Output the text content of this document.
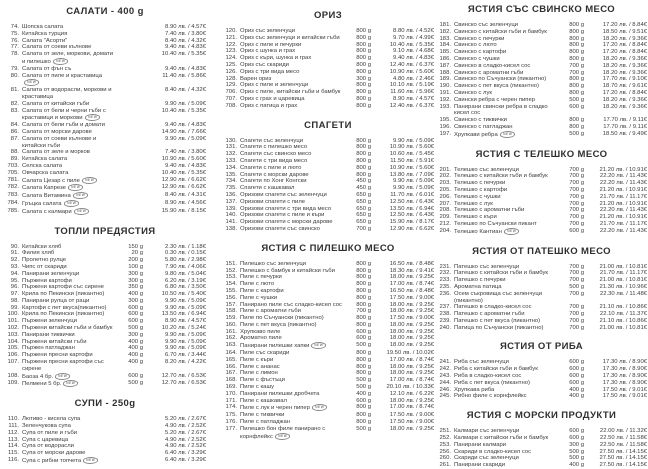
САЛАТИ - 400 g
74. Шопска салата	8.90 лв. / 4.57€
75. Китайска турция	7.40 лв. / 3.80€
76. Салата "Асорти"	8.40 лв. / 4.32€
77. Салата от соеви кълнове	9.40 лв. / 4.83€
78. Салата от зеле, моркови, домати и пилешко NEW
10.40 лв. / 5.35€
79. Салата от фън съ	9.40 лв. / 4.83€
80. Салата от пиле и краставицаNEW
11.40 лв. / 5.86€
81. Салата от водорасли, моркови и краставица
8.40 лв. / 4.32€
82. Салата от китайски гъби	9.90 лв. / 5.09€
83. Салата от бели и черни гъби с краставици и моркови NEW
10.40 лв. / 5.35€
84. Салата от бели гъби и домати	9.40 лв. / 4.83€
86. Салата от морски дарове	14.90 лв. / 7.66€
87. Салата от соеви кълнове и китайски гъби
9.90 лв. / 5.09€
88. Салата от зеле и морков	7.40 лв. / 3.80€
89. Китайска салата	10.90 лв. / 5.60€
703. Селска салата	9.40 лв. / 4.83€
705. Овчарска салата	10.40 лв. / 5.35€
781. Салата Цезар с пиле NEW	12.90 лв. / 6.62€
782. Салата Капрезе NEW	12.90 лв. / 6.62€
783. Салата Витамина NEW	8.40 лв. / 4.31€
784. Гръцка салата NEW	8.90 лв. / 4.56€
785. Салата с калмари NEW	15.90 лв. / 8.15€
ТОПЛИ ПРЕДЯСТИЯ
90. Китайски хляб	150 g	2.30 лв. / 1.18€
91. Филия хляб	20 g	0.30 лв. / 0.15€
92. Пролетно рулце	200 g	5.80 лв. / 2.98€
93. Чипс от скариди	100 g	7.90 лв. / 4.06€
94. Панирани зеленчуци	300 g	9.80 лв. / 5.04€
95. Пържени картофи	300 g	6.20 лв. / 3.19€
96. Пържени картофи със сирене	350 g	6.80 лв. / 3.50€
97. Крила по Пекински (пикантно)	400 g	10.50 лв. / 5.40€
98. Панирани рулца от раци	300 g	9.90 лв. / 5.09€
99. Картофи с пет вкуса(пикантно)	600 g	9.90 лв. / 5.09€
100. Крила по Пекински (пикантно)	600 g	13.50 лв. / 6.94€
101. Пържени зеленчуци	600 g	8.90 лв. / 4.57€
102. Пържени китайски гъби и бамбук	500 g	10.20 лв. / 5.24€
103. Панирани тиквички	300 g	9.90 лв. / 5.09€
104. Пържени китайски гъби	400 g	9.90 лв. / 5.09€
105. Пържен патладжан	400 g	9.90 лв. / 5.09€
106. Пържени пресни картофи	400 g	6.70 лв. / 3.44€
107. Пържени пресни картофи със сирене
400 g	8.20 лв. / 4.22€
108. Баоза 4 бр. NEW	600 g	12.70 лв. / 6.53€
109. Пелмени 5 бр. NEW	500 g	12.70 лв. / 6.53€
СУПИ - 250g
110. Лютиво - кисела супа	5.20 лв. / 2.67€
111. Зеленчукова супа	4.90 лв. / 2.52€
112. Супа от пиле и гъби	5.20 лв. / 2.67€
113. Супа с царевица	4.90 лв. / 2.52€
114. Супа от водорасли	4.90 лв. / 2.52€
115. Супа от морски дарове	6.40 лв. / 3.29€
116. Супа с рибни топчета NEW	6.40 лв. / 3.29€
ОРИЗ
120. Ориз със зеленчуци	800 g	8.80 лв. / 4.52€
121. Ориз със зеленчуци и китайски гъби	800 g	9.70 лв. / 4.99€
122. Ориз с пиле и печурки	800 g	10.40 лв. / 5.35€
123. Ориз с шунка и грах	800 g	9.10 лв. / 4.68€
124. Ориз с къри, шунка и грах	800 g	9.40 лв. / 4.83€
125. Ориз със скариди	800 g	12.40 лв. / 6.37€
126. Ориз с три вида месо	800 g	10.90 лв. / 5.60€
128. Варен ориз	300 g	4.80 лв. / 2.46€
129. Ориз с пиле и зеленчуци	800 g	10.10 лв. / 5.19€
706. Ориз с пиле, китайски гъби и бамбук	800 g	11.60 лв. / 5.96€
707. Ориз с грах и царевица	800 g	8.90 лв. / 4.57€
708. Ориз с патица и грах	800 g	12.40 лв. / 6.37€
СПАГЕТИ
130. Спагети със зеленчуци	800 g	9.90 лв. / 5.09€
131. Спагети с пилешко месо	800 g	10.90 лв. / 5.60€
132. Спагети със свинско месо	800 g	10.60 лв. / 5.45€
133. Спагети с три вида месо	800 g	11.50 лв. / 5.91€
134. Спагети с пиле и люто	800 g	10.90 лв. / 5.60€
135. Спагети с морски дарове	800 g	13.80 лв. / 7.09€
734. Спагети по Хонг Конгски	450 g	9.90 лв. / 5.09€
735. Спагети с кашкавал	450 g	9.90 лв. / 5.09€
136. Оризови спагети със зеленчуци	650 g	11.70 лв. / 6.01€
137. Оризови спагети с пиле	650 g	12.50 лв. / 6.43€
139. Оризови спагети с три вида месо	650 g	13.50 лв. / 6.94€
140. Оризови спагети с пиле и къри	650 g	12.50 лв. / 6.43€
141. Оризови спагети с морски дарове	650 g	15.90 лв. / 8.17€
138. Оризови спагети със свинско	700 g	12.90 лв. / 6.62€
ЯСТИЯ С ПИЛЕШКО МЕСО
151. Пилешко със зеленчуци	800 g	16.50 лв. / 8.48€
152. Пилешко с бамбук и китайски гъби	800 g	18.30 лв. / 9.41€
153. Пиле с печурки	800 g	18.00 лв. / 9.25€
154. Пиле с люто	800 g	17.00 лв. / 8.74€
155. Пиле с картофи	800 g	16.50 лв. / 8.48€
156. Пиле с чушки	800 g	17.50 лв. / 9.00€
157. Панирано пиле със сладко-кисел сос	800 g	18.00 лв. / 9.25€
158. Пиле с ароматни гъби	700 g	18.00 лв. / 9.25€
159. Пиле по Съчуански (пикантно)	800 g	17.50 лв. / 9.00€
160. Пиле с пет вкуса (пикантно)	800 g	18.00 лв. / 9.25€
161. Хрупкаво пиле	600 g	18.00 лв. / 9.25€
162. Ароматно пиле	600 g	18.00 лв. / 9.25€
163. Панирани пилешки хапки NEW	500 g	18.00 лв. / 9.25€
164. Пиле със скариди	800 g	19.50 лв. / 10.02€
165. Пиле с къри	800 g	17.00 лв. / 8.74€
166. Пиле с ананас	800 g	18.00 лв. / 9.25€
167. Пиле с лимон	800 g	18.00 лв. / 9.25€
168. Пиле с фъстъци	500 g	17.00 лв. / 8.74€
169. Пиле с кашу	500 g	20.10 лв. / 10.33€
170. Панирани пилешки дробчета	400 g	12.10 лв. / 6.22€
171. Пиле с кашкавал	600 g	18.00 лв. / 9.25€
174. Пиле с лук и черен пипер NEW	800 g	17.00 лв. / 8.74€
175. Пиле с тиквички	800 g	17.50 лв. / 9.00€
176. Пиле с патладжан	800 g	17.50 лв. / 9.00€
177. Пилешко бон филе панирано с корнфлейкс NEW
500 g	18.00 лв. / 9.25€
ЯСТИЯ СЪС СВИНСКО МЕСО
181. Свинско със зеленчуци	800 g	17.20 лв. / 8.84€
182. Свинско с китайски гъби и бамбук	800 g	18.50 лв. / 9.51€
183. Свинско с печурки	800 g	18.20 лв. / 9.36€
184. Свинско с люто	800 g	17.20 лв. / 8.84€
185. Свинско с картофи	800 g	17.20 лв. / 8.84€
186. Свинско с чушки	800 g	18.20 лв. / 9.36€
187. Свинско в сладко-кисел сос	700 g	18.20 лв. / 9.36€
188. Свинско с ароматни гъби	700 g	18.20 лв. / 9.36€
189. Свинско по Съчуански (пикантно)	800 g	17.70 лв. / 9.10€
190. Свинско с пет вкуса (пикантно)	800 g	18.70 лв. / 9.61€
191. Свинско с лук	800 g	17.20 лв. / 8.84€
192. Свински ребра с черен пипер	500 g	18.20 лв. / 9.36€
193. Панирани свински ребра в сладко кисел сос
600 g	18.20 лв. / 9.36€
195. Свинско с тиквички	800 g	17.70 лв. / 9.11€
196. Свинско с патладжан	800 g	17.70 лв. / 9.11€
197. Хрупкави ребра NEW	500 g	18.50 лв. / 9.49€
ЯСТИЯ С ТЕЛЕШКО МЕСО
201. Телешко със зеленчуци	700 g	21.20 лв. / 10.91€
202. Телешко с китайски гъби и бамбук	700 g	22.20 лв. / 11.43€
203. Телешко с печурки	700 g	22.20 лв. / 11.43€
205. Телешко с картофи	700 g	21.20 лв. / 10.91€
206. Телешко с чушки	700 g	21.70 лв. / 11.17€
207. Телешко с лук	700 g	21.20 лв. / 10.91€
208. Телешко с ароматни гъби	700 g	22.20 лв. / 11.43€
209. Телешко с къри	700 g	21.20 лв. / 10.91€
212. Телешко по Съчуански пикант	700 g	21.70 лв. / 11.17€
204. Телешко Кантиан NEW	600 g	22.20 лв. / 11.43€
ЯСТИЯ ОТ ПАТЕШКО МЕСО
231. Патешко със зеленчуци	700 g	21.00 лв. / 10.81€
232. Патешко с китайски гъби и бамбук	700 g	21.70 лв. / 11.17€
233. Патешко с печурки	700 g	21.00 лв. / 10.81€
235. Ароматна патица	500 g	21.30 лв. / 10.96€
236. Осем съкровища със зеленчуци (пикантно)
700 g	22.30 лв. / 11.48€
237. Патешко в сладко-кисел сос	700 g	21.10 лв. / 10.86€
238. Патешко с ароматни гъби	700 g	22.10 лв. / 11.37€
239. Патешко с пет вкуса (пикантно)	700 g	21.10 лв. / 10.86€
240. Патица по Съчуански (пикантно)	700 g	21.00 лв. / 10.81€
ЯСТИЯ ОТ РИБА
241. Риба със зеленчуци	600 g	17.30 лв. / 8.90€
242. Риба с китайски гъби и бамбук	600 g	17.30 лв. / 8.90€
243. Риба в сладко-кисел сос	600 g	17.30 лв. / 8.90€
244. Риба с пет вкуса (пикантно)	600 g	17.30 лв. / 8.90€
246. Хрупкава риба	400 g	17.50 лв. / 9.01€
245. Рибно филе с корнфлейкс	400 g	17.50 лв. / 9.01€
ЯСТИЯ С МОРСКИ ПРОДУКТИ
251. Калмари със зеленчуци	600 g	22.00 лв. / 11.32€
252. Калмари с китайски гъби и бамбук	600 g	22.50 лв. / 11.58€
253. Панирани калмари	300 g	22.50 лв. / 11.58€
256. Скариди в сладко-кисел сос	500 g	27.50 лв. / 14.15€
260. Скариди със зеленчуци	500 g	27.50 лв. / 14.15€
261. Панирани скариди	400 g	27.50 лв. / 14.15€
